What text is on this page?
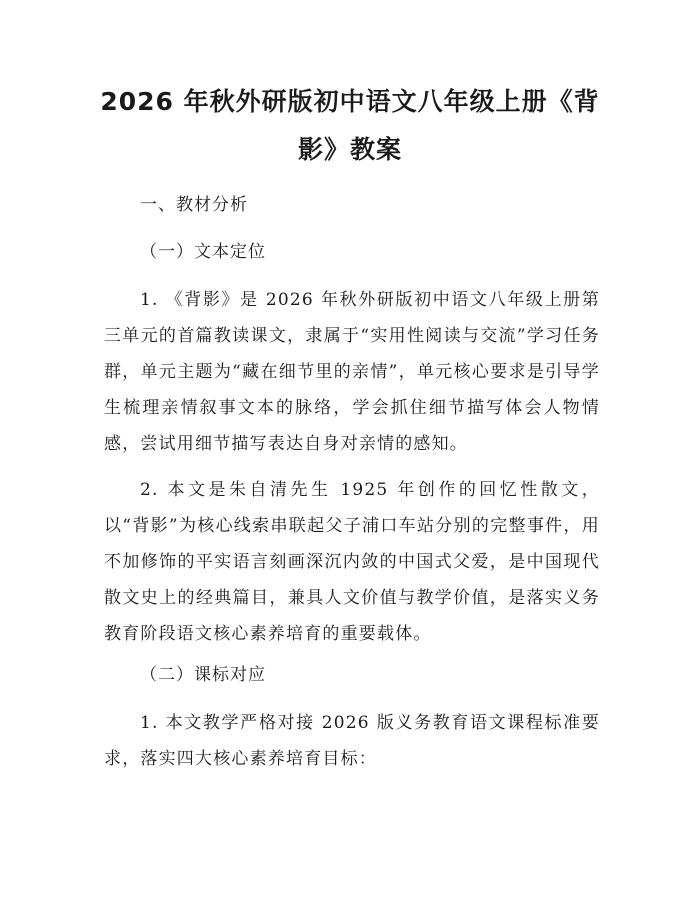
2026 年秋外研版初中语文八年级上册《背影》教案

一、教材分析

（一）文本定位

1. 《背影》是 2026 年秋外研版初中语文八年级上册第三单元的首篇教读课文，隶属于“实用性阅读与交流”学习任务群，单元主题为“藏在细节里的亲情”，单元核心要求是引导学生梳理亲情叙事文本的脉络，学会抓住细节描写体会人物情感，尝试用细节描写表达自身对亲情的感知。

2. 本文是朱自清先生 1925 年创作的回忆性散文，以“背影”为核心线索串联起父子浦口车站分别的完整事件，用不加修饰的平实语言刻画深沉内敛的中国式父爱，是中国现代散文史上的经典篇目，兼具人文价值与教学价值，是落实义务教育阶段语文核心素养培育的重要载体。

（二）课标对应

1. 本文教学严格对接 2026 版义务教育语文课程标准要求，落实四大核心素养培育目标：
